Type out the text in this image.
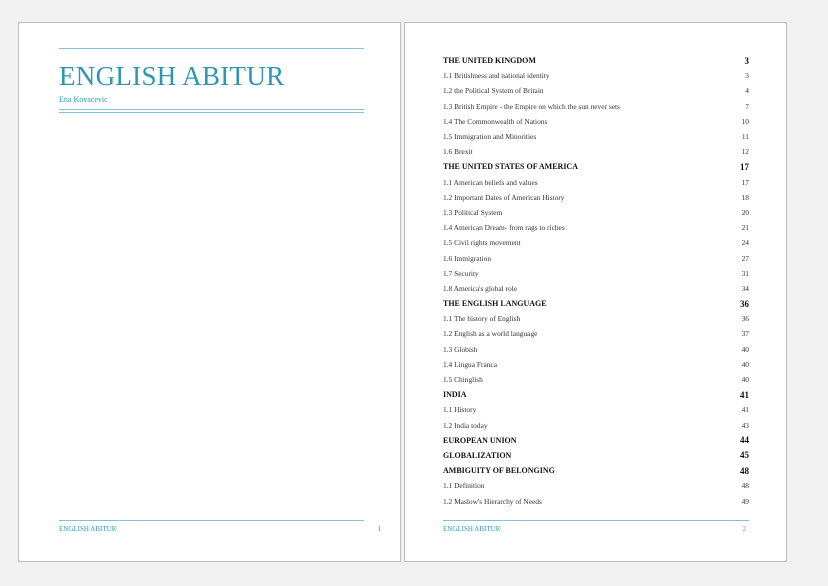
ENGLISH ABITUR
Ena Kovacevic
ENGLISH ABITUR	1
THE UNITED KINGDOM	3
1.1 Britishness and national identity	3
1.2 the Political System of Britain	4
1.3 British Empire - the Empire on which the sun never sets	7
1.4 The Commonwealth of Nations	10
1.5 Immigration and Minorities	11
1.6 Brexit	12
THE UNITED STATES OF AMERICA	17
1.1 American beliefs and values	17
1.2 Important Dates of American History	18
1.3 Political System	20
1.4 American Dream- from rags to riches	21
1.5 Civil rights movement	24
1.6 Immigration	27
1.7 Security	31
1.8 America's global role	34
THE ENGLISH LANGUAGE	36
1.1 The history of English	36
1.2 English as a world language	37
1.3 Globish	40
1.4 Lingua Franca	40
1.5 Chinglish	40
INDIA	41
1.1 History	41
1.2 India today	43
EUROPEAN UNION	44
GLOBALIZATION	45
AMBIGUITY OF BELONGING	48
1.1 Definition	48
1.2 Maslow's Hierarchy of Needs	49
ENGLISH ABITUR	2
